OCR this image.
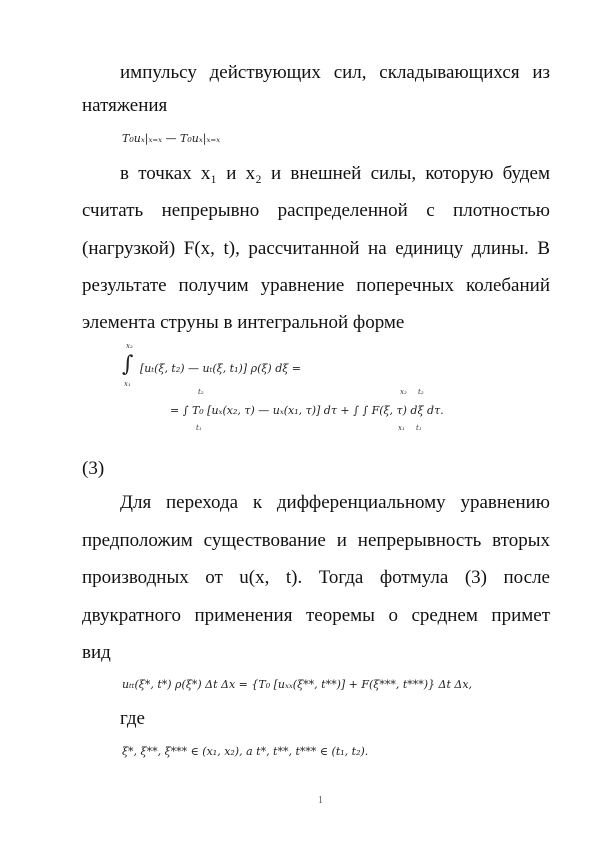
импульсу действующих сил, складывающихся из
натяжения
T₀uₓ|ₓ₌ₓ — T₀uₓ|ₓ₌ₓ
в точках x₁ и x₂ и внешней силы, которую будем
считать непрерывно распределенной с плотностью
(нагрузкой) F(x, t), рассчитанной на единицу длины. В
результате получим уравнение поперечных колебаний
элемента струны в интегральной форме
x₂
∫
x₁
[uₜ(ξ, t₂) — uₜ(ξ, t₁)] ρ(ξ) dξ =
t₂
t₁
x₂
x₁
t₂
t₁
= ∫ T₀ [uₓ(x₂, τ) — uₓ(x₁, τ)] dτ + ∫ ∫ F(ξ, τ) dξ dτ.
(3)
Для перехода к дифференциальному уравнению
предположим существование и непрерывность вторых
производных от u(x, t). Тогда фотмула (3) после
двукратного применения теоремы о среднем примет
вид
uₜₜ(ξ*, t*) ρ(ξ*) Δt Δx = {T₀ [uₓₓ(ξ**, t**)] + F(ξ***, t***)} Δt Δx,
где
ξ*, ξ**, ξ*** ∈ (x₁, x₂), a t*, t**, t*** ∈ (t₁, t₂).
1
